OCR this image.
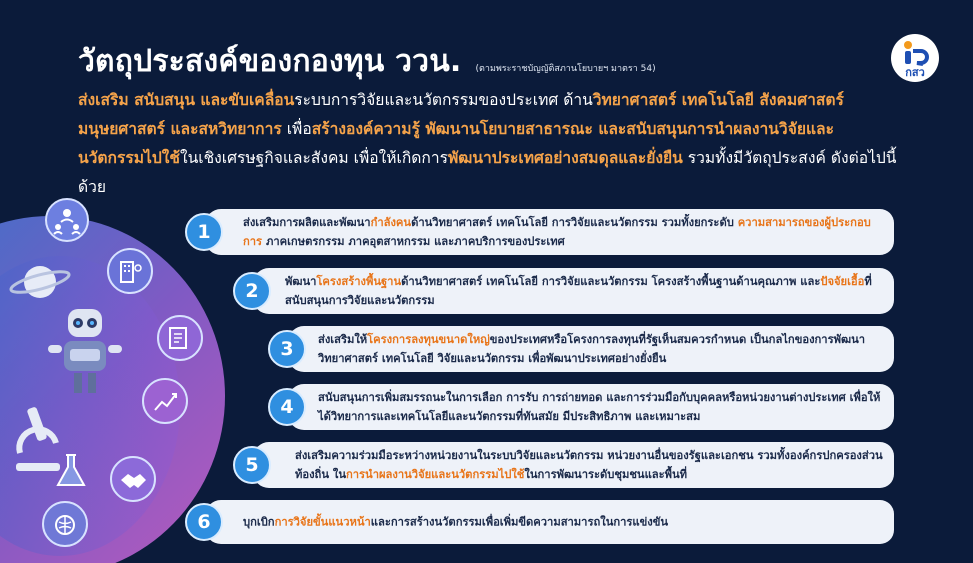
วัตถุประสงค์ของกองทุน ววน. (ตามพระราชบัญญัติสภานโยบายฯ มาตรา 54)	กสว
ส่งเสริม สนับสนุน และขับเคลื่อนระบบการวิจัยและนวัตกรรมของประเทศ ด้านวิทยาศาสตร์ เทคโนโลยี สังคมศาสตร์ มนุษยศาสตร์ และสหวิทยาการ เพื่อสร้างองค์ความรู้ พัฒนานโยบายสาธารณะ และสนับสนุนการนำผลงานวิจัยและนวัตกรรมไปใช้ในเชิงเศรษฐกิจและสังคม เพื่อให้เกิดการพัฒนาประเทศอย่างสมดุลและยั่งยืน รวมทั้งมีวัตถุประสงค์ ดังต่อไปนี้ด้วย
1	ส่งเสริมการผลิตและพัฒนากำลังคนด้านวิทยาศาสตร์ เทคโนโลยี การวิจัยและนวัตกรรม รวมทั้งยกระดับ ความสามารถของผู้ประกอบการ ภาคเกษตรกรรม ภาคอุตสาหกรรม และภาคบริการของประเทศ
2	พัฒนาโครงสร้างพื้นฐานด้านวิทยาศาสตร์ เทคโนโลยี การวิจัยและนวัตกรรม โครงสร้างพื้นฐานด้านคุณภาพ และปัจจัยเอื้อที่สนับสนุนการวิจัยและนวัตกรรม
3	ส่งเสริมให้โครงการลงทุนขนาดใหญ่ของประเทศหรือโครงการลงทุนที่รัฐเห็นสมควรกำหนด เป็นกลไกของการพัฒนาวิทยาศาสตร์ เทคโนโลยี วิจัยและนวัตกรรม เพื่อพัฒนาประเทศอย่างยั่งยืน
4	สนับสนุนการเพิ่มสมรรถนะในการเลือก การรับ การถ่ายทอด และการร่วมมือกับบุคคลหรือหน่วยงานต่างประเทศ เพื่อให้ได้วิทยาการและเทคโนโลยีและนวัตกรรมที่ทันสมัย มีประสิทธิภาพ และเหมาะสม
5	ส่งเสริมความร่วมมือระหว่างหน่วยงานในระบบวิจัยและนวัตกรรม หน่วยงานอื่นของรัฐและเอกชน รวมทั้งองค์กรปกครองส่วนท้องถิ่น ในการนำผลงานวิจัยและนวัตกรรมไปใช้ในการพัฒนาระดับชุมชนและพื้นที่
6	บุกเบิกการวิจัยขั้นแนวหน้าและการสร้างนวัตกรรมเพื่อเพิ่มขีดความสามารถในการแข่งขัน
